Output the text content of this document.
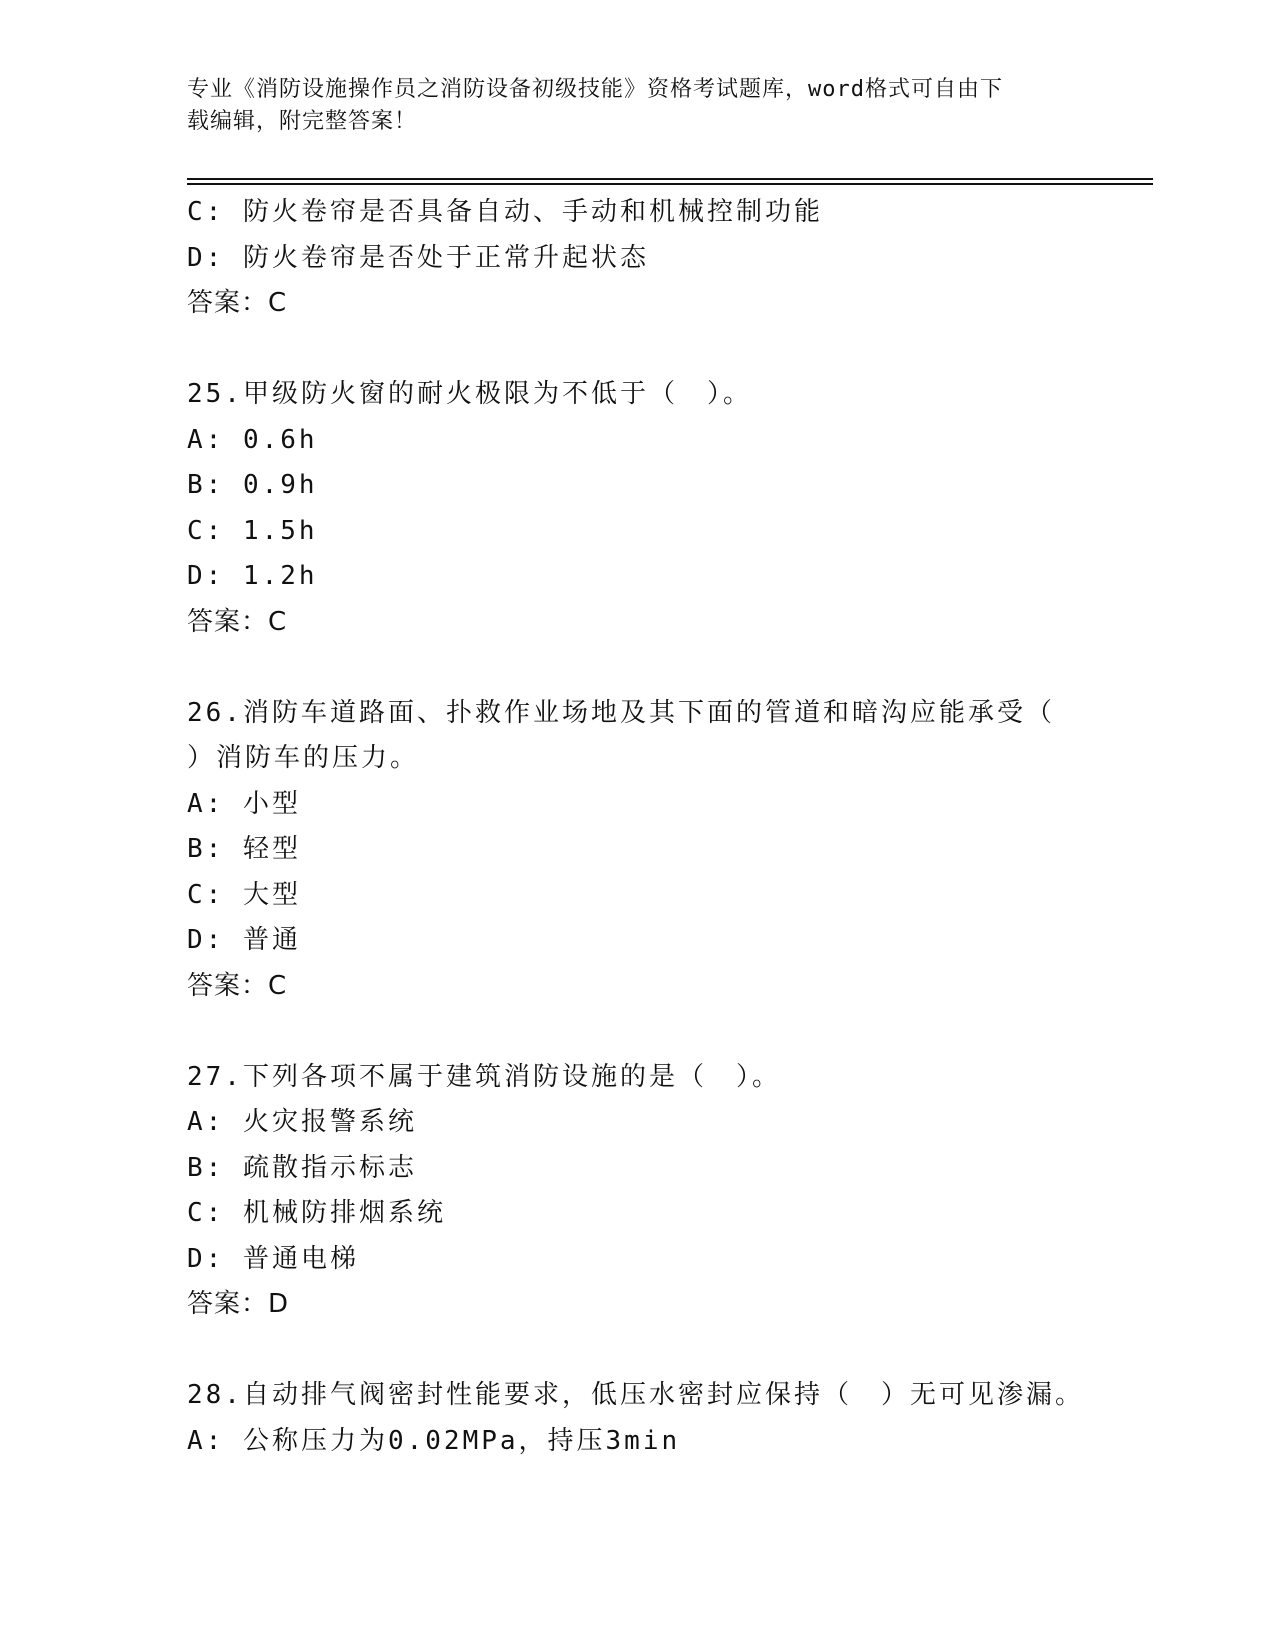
专业《消防设施操作员之消防设备初级技能》资格考试题库，word格式可自由下
载编辑，附完整答案！
C: 防火卷帘是否具备自动、手动和机械控制功能
D: 防火卷帘是否处于正常升起状态
答案：C
25.甲级防火窗的耐火极限为不低于（　）。
A: 0.6h
B: 0.9h
C: 1.5h
D: 1.2h
答案：C
26.消防车道路面、扑救作业场地及其下面的管道和暗沟应能承受（
）消防车的压力。
A: 小型
B: 轻型
C: 大型
D: 普通
答案：C
27.下列各项不属于建筑消防设施的是（　）。
A: 火灾报警系统
B: 疏散指示标志
C: 机械防排烟系统
D: 普通电梯
答案：D
28.自动排气阀密封性能要求，低压水密封应保持（　）无可见渗漏。
A: 公称压力为0.02MPa，持压3min
